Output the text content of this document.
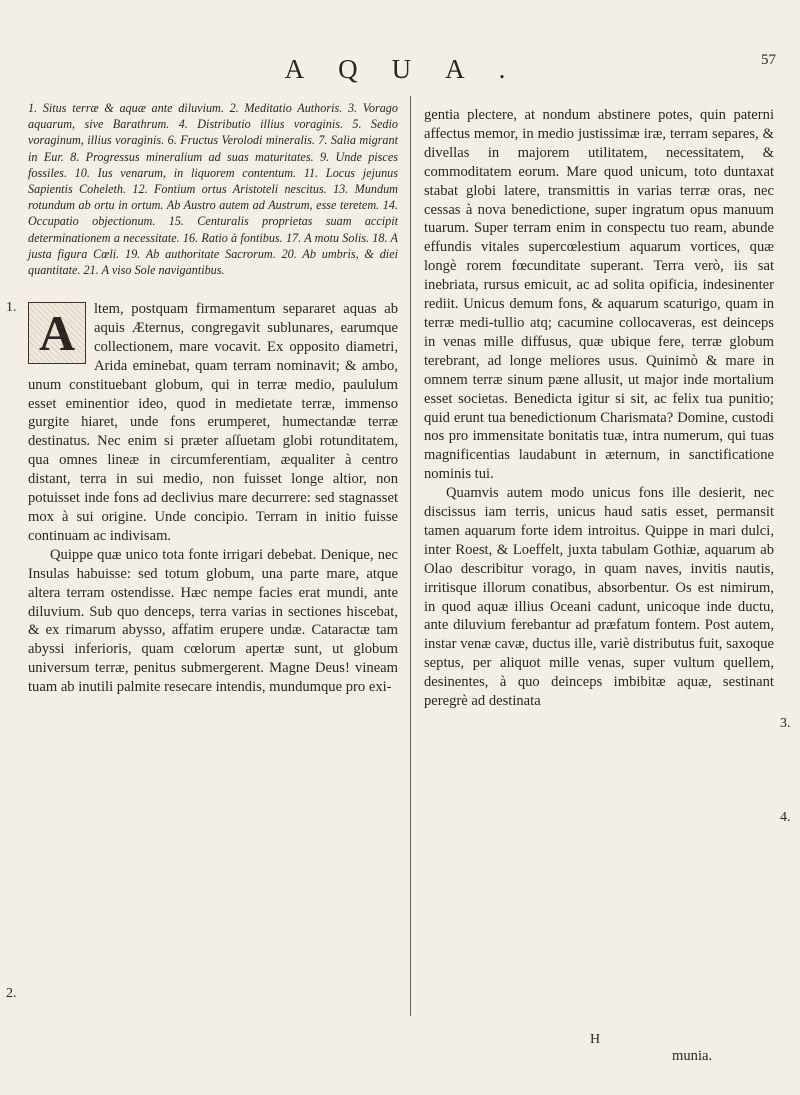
AQUA.	57
1. Situs terræ & aquæ ante diluvium. 2. Meditatio Authoris. 3. Vorago aquarum, sive Barathrum. 4. Distributio illius voraginis. 5. Sedio voraginum, illius voraginis. 6. Fructus Verolodi mineralis. 7. Salia migrant in Eur. 8. Progressus mineralium ad suas maturitates. 9. Unde pisces fossiles. 10. Ius venarum, in liquorem contentum. 11. Locus jejunus Sapientis Coheleth. 12. Fontium ortus Aristoteli nescitus. 13. Mundum rotundum ab ortu in ortum. Ab Austro autem ad Austrum, esse teretem. 14. Occupatio objectionum. 15. Centuralis proprietas suam accipit determinationem a necessitate. 16. Ratio à fontibus. 17. A motu Solis. 18. A justa figura Cœli. 19. Ab authoritate Sacrorum. 20. Ab umbris, & diei quantitate. 21. A viso Sole navigantibus.
1.
2.
3.
4.
A	ltem, postquam firmamentum separaret aquas ab aquis Æternus, congregavit sublunares, earumque collectionem, mare vocavit. Ex opposito diametri, Arida eminebat, quam terram nominavit; & ambo, unum constituebant globum, qui in terræ medio, paululum esset eminentior ideo, quod in medietate terræ, immenso gurgite hiaret, unde fons erumperet, humectandæ terræ destinatus. Nec enim si præter aſſuetam globi rotunditatem, qua omnes lineæ in circumferentiam, æqualiter à centro distant, terra in sui medio, non fuisset longe altior, non potuisset inde fons ad declivius mare decurrere: sed stagnasset mox à sui origine. Unde concipio. Terram in initio fuisse continuam ac indivisam.

Quippe quæ unico tota fonte irrigari debebat. Denique, nec Insulas habuisse: sed totum globum, una parte mare, atque altera terram ostendisse. Hæc nempe facies erat mundi, ante diluvium. Sub quo denceps, terra varias in sectiones hiscebat, & ex rimarum abysso, affatim erupere undæ. Cataractæ tam abyssi inferioris, quam cœlorum apertæ sunt, ut globum universum terræ, penitus submergerent. Magne Deus! vineam tuam ab inutili palmite resecare intendis, mundumque pro exi-

gentia plectere, at nondum abstinere potes, quin paterni affectus memor, in medio justissimæ iræ, terram separes, & divellas in majorem utilitatem, necessitatem, & commoditatem eorum. Mare quod unicum, toto duntaxat stabat globi latere, transmittis in varias terræ oras, nec cessas à nova benedictione, super ingratum opus manuum tuarum. Super terram enim in conspectu tuo ream, abunde effundis vitales supercœlestium aquarum vortices, quæ longè rorem fœcunditate superant. Terra verò, iis sat inebriata, rursus emicuit, ac ad solita opificia, indesinenter rediit. Unicus demum fons, & aquarum scaturigo, quam in terræ medi-tullio atq; cacumine collocaveras, est deinceps in venas mille diffusus, quæ ubique fere, terræ globum terebrant, ad longe meliores usus. Quinimò & mare in omnem terræ sinum pæne allusit, ut major inde mortalium esset societas. Benedicta igitur si sit, ac felix tua punitio; quid erunt tua benedictionum Charismata? Domine, custodi nos pro immensitate bonitatis tuæ, intra numerum, qui tuas magnificentias laudabunt in æternum, in sanctificatione nominis tui.

Quamvis autem modo unicus fons ille desierit, nec discissus iam terris, unicus haud satis esset, permansit tamen aquarum forte idem introitus. Quippe in mari dulci, inter Roest, & Loeffelt, juxta tabulam Gothiæ, aquarum ab Olao describitur vorago, in quam naves, invitis nautis, irritisque illorum conatibus, absorbentur. Os est nimirum, in quod aquæ illius Oceani cadunt, unicoque inde ductu, ante diluvium ferebantur ad præfatum fontem. Post autem, instar venæ cavæ, ductus ille, variè distributus fuit, saxoque septus, per aliquot mille venas, super vultum quellem, desinentes, à quo deinceps imbibitæ aquæ, sestinant peregrè ad destinata

H
munia.
